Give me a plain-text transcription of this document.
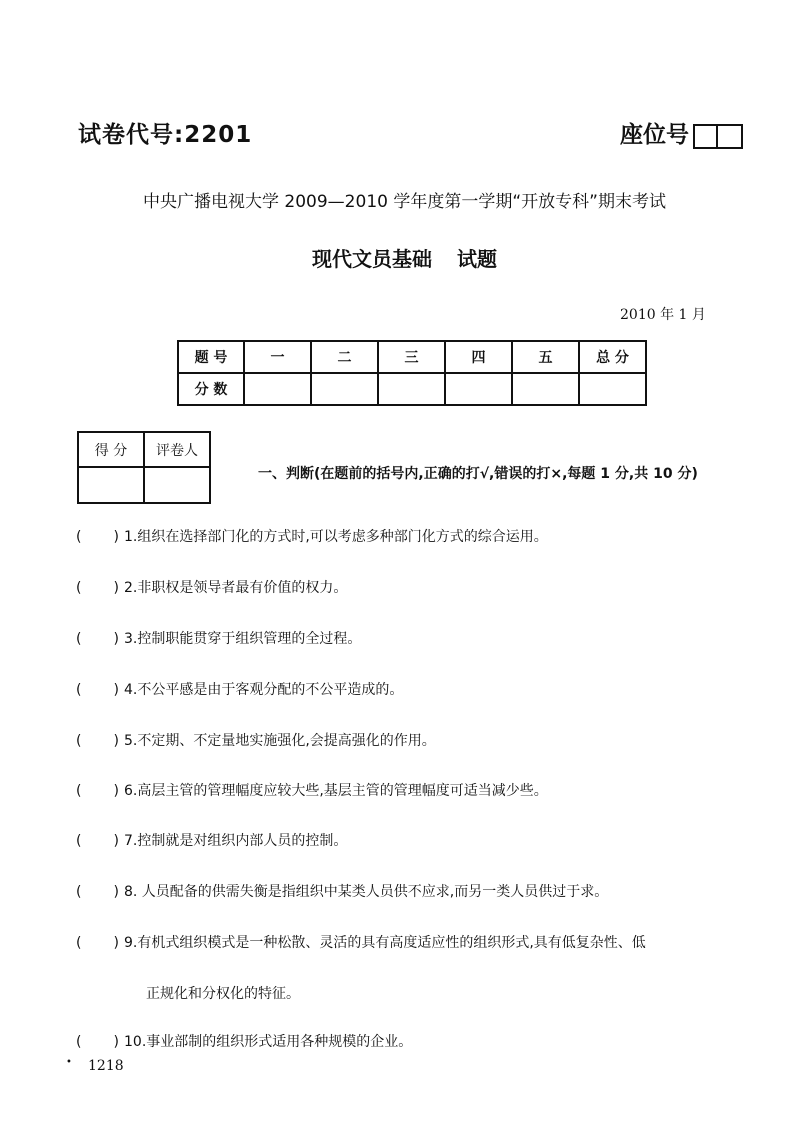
试卷代号:2201	座位号
中央广播电视大学 2009—2010 学年度第一学期“开放专科”期末考试
现代文员基础 试题
2010 年 1 月
题 号	一	二	三	四	五	总 分
分 数						
得 分	评卷人

一、判断(在题前的括号内,正确的打√,错误的打×,每题 1 分,共 10 分)
( ) 1.组织在选择部门化的方式时,可以考虑多种部门化方式的综合运用。
( ) 2.非职权是领导者最有价值的权力。
( ) 3.控制职能贯穿于组织管理的全过程。
( ) 4.不公平感是由于客观分配的不公平造成的。
( ) 5.不定期、不定量地实施强化,会提高强化的作用。
( ) 6.高层主管的管理幅度应较大些,基层主管的管理幅度可适当减少些。
( ) 7.控制就是对组织内部人员的控制。
( ) 8. 人员配备的供需失衡是指组织中某类人员供不应求,而另一类人员供过于求。
( ) 9.有机式组织模式是一种松散、灵活的具有高度适应性的组织形式,具有低复杂性、低
正规化和分权化的特征。
( ) 10.事业部制的组织形式适用各种规模的企业。
• 1218
